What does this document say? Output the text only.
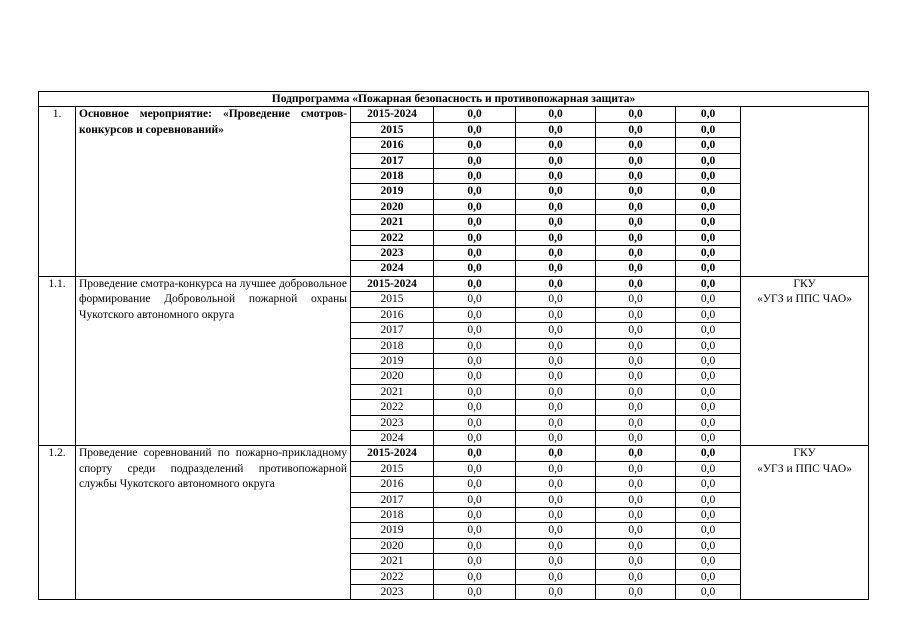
Подпрограмма «Пожарная безопасность и противопожарная защита»							
1.	Основное мероприятие: «Проведение смотров-конкурсов и соревнований»	2015-2024	0,0	0,0	0,0	0,0	

		2015	0,0	0,0	0,0	0,0	
		2016	0,0	0,0	0,0	0,0	
		2017	0,0	0,0	0,0	0,0	
		2018	0,0	0,0	0,0	0,0	
		2019	0,0	0,0	0,0	0,0	
		2020	0,0	0,0	0,0	0,0	
		2021	0,0	0,0	0,0	0,0	
		2022	0,0	0,0	0,0	0,0	
		2023	0,0	0,0	0,0	0,0	
		2024	0,0	0,0	0,0	0,0	
1.1.	Проведение смотра-конкурса на лучшее добровольное формирование Добровольной пожарной охраны Чукотского автономного округа	2015-2024	0,0	0,0	0,0	0,0	ГКУ
«УГЗ и ППС ЧАО»

		2015	0,0	0,0	0,0	0,0	
		2016	0,0	0,0	0,0	0,0	
		2017	0,0	0,0	0,0	0,0	
		2018	0,0	0,0	0,0	0,0	
		2019	0,0	0,0	0,0	0,0	
		2020	0,0	0,0	0,0	0,0	
		2021	0,0	0,0	0,0	0,0	
		2022	0,0	0,0	0,0	0,0	
		2023	0,0	0,0	0,0	0,0	
		2024	0,0	0,0	0,0	0,0	
1.2.	Проведение соревнований по пожарно-прикладному спорту среди подразделений противопожарной службы Чукотского автономного округа	2015-2024	0,0	0,0	0,0	0,0	ГКУ
«УГЗ и ППС ЧАО»

		2015	0,0	0,0	0,0	0,0	
		2016	0,0	0,0	0,0	0,0	
		2017	0,0	0,0	0,0	0,0	
		2018	0,0	0,0	0,0	0,0	
		2019	0,0	0,0	0,0	0,0	
		2020	0,0	0,0	0,0	0,0	
		2021	0,0	0,0	0,0	0,0	
		2022	0,0	0,0	0,0	0,0	
		2023	0,0	0,0	0,0	0,0	
